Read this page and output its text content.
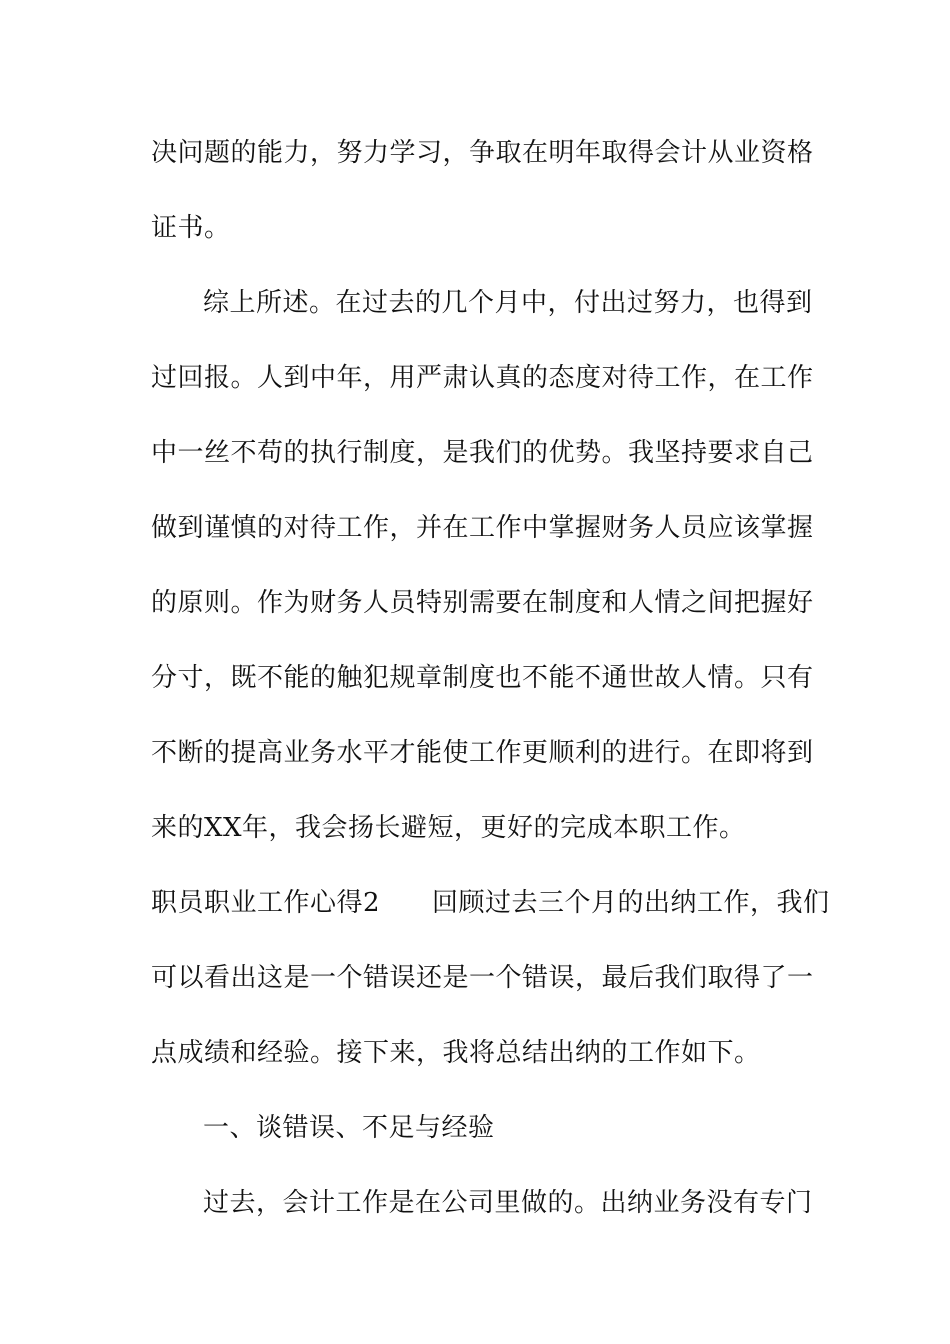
决问题的能力，努力学习，争取在明年取得会计从业资格
证书。
综上所述。在过去的几个月中，付出过努力，也得到
过回报。人到中年，用严肃认真的态度对待工作，在工作
中一丝不苟的执行制度，是我们的优势。我坚持要求自己
做到谨慎的对待工作，并在工作中掌握财务人员应该掌握
的原则。作为财务人员特别需要在制度和人情之间把握好
分寸，既不能的触犯规章制度也不能不通世故人情。只有
不断的提高业务水平才能使工作更顺利的进行。在即将到
来的XX年，我会扬长避短，更好的完成本职工作。
职员职业工作心得2 回顾过去三个月的出纳工作，我们
可以看出这是一个错误还是一个错误，最后我们取得了一
点成绩和经验。接下来，我将总结出纳的工作如下。
一、谈错误、不足与经验
过去，会计工作是在公司里做的。出纳业务没有专门
